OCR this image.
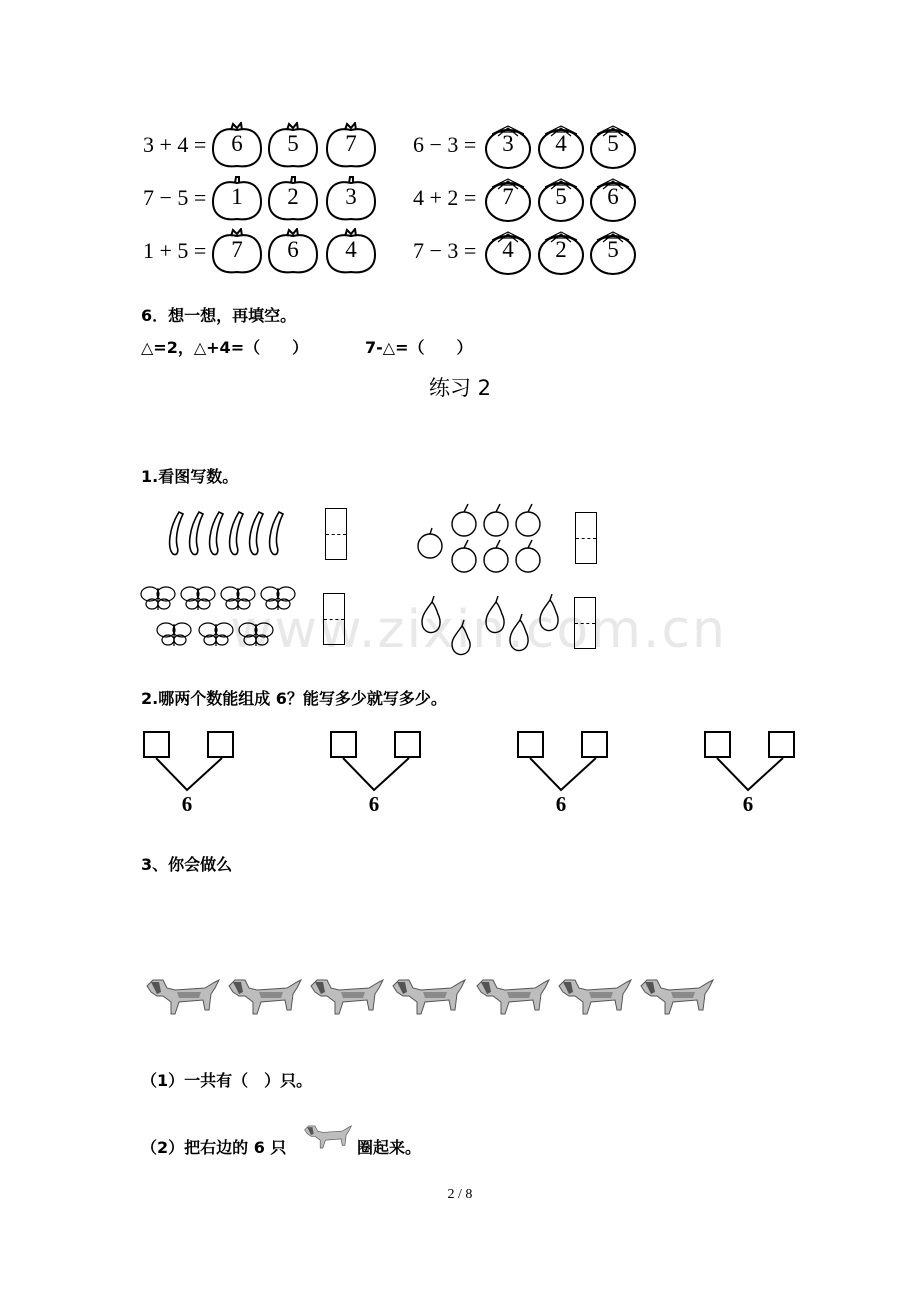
www.zixin.com.cn
3 + 4 =
7 − 5 =
1 + 5 =
6 − 3 =
4 + 2 =
7 − 3 =
6	5	7
1	2	3
7	6	4
3	4	5
7	5	6
4	2	5
6．想一想，再填空。
△=2，△+4=（　　）	7-△=（　　）
练习 2
1.看图写数。
2.哪两个数能组成 6？能写多少就写多少。
6	6	6	6
3、你会做么
（1）一共有（　）只。
（2）把右边的 6 只	圈起来。
2 / 8
